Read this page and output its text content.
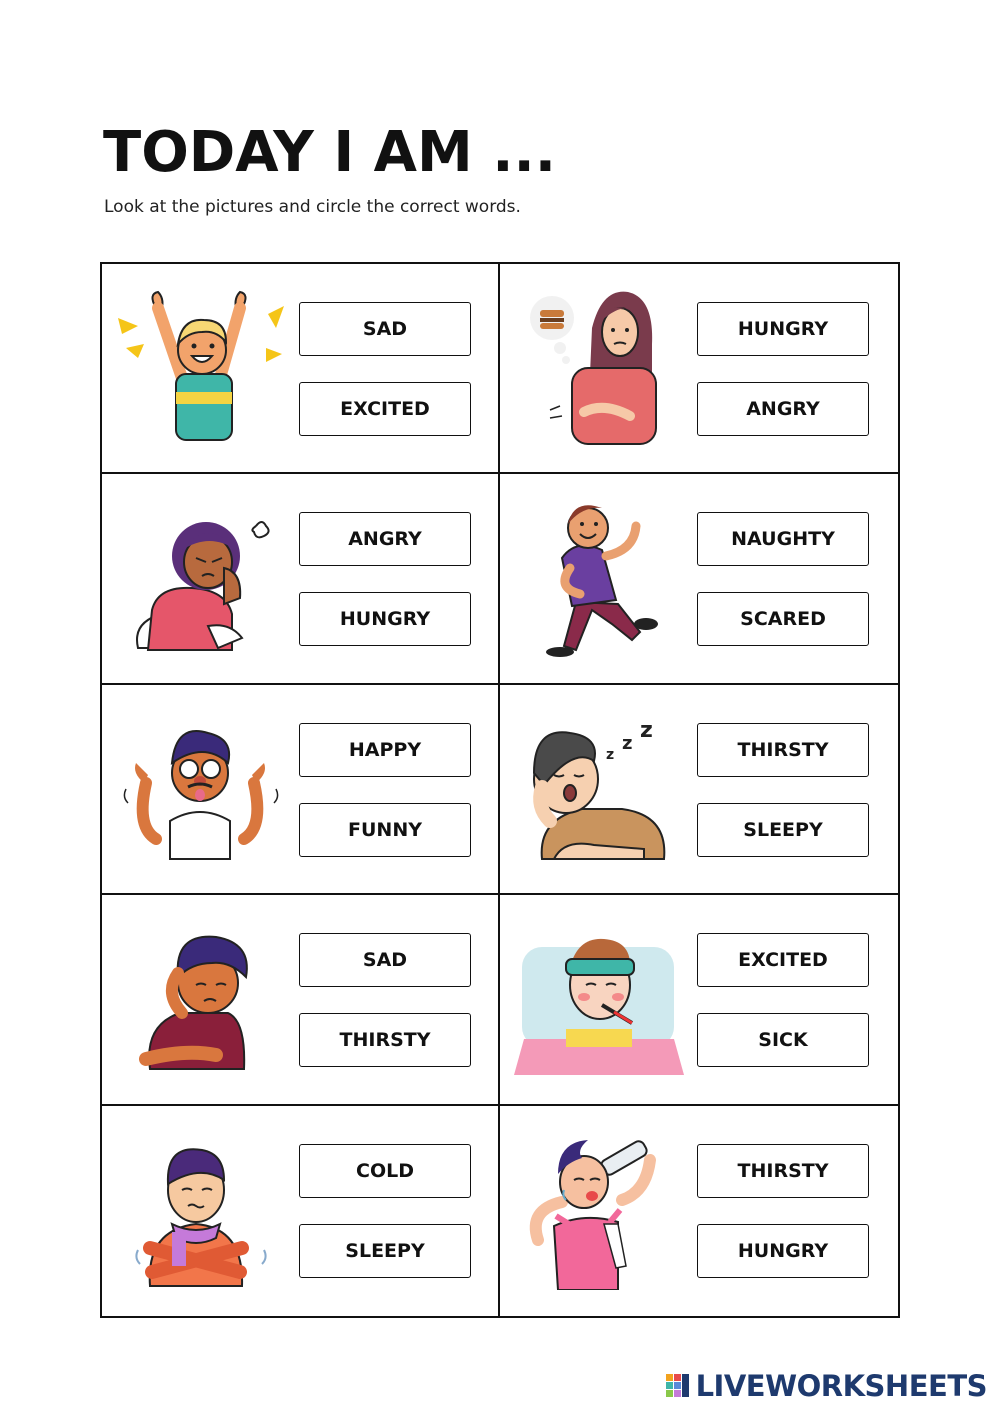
TODAY I AM ...
Look at the pictures and circle the correct words.
SAD
EXCITED
HUNGRY
ANGRY
ANGRY
HUNGRY
NAUGHTY
SCARED
HAPPY
FUNNY
z
z
z
THIRSTY
SLEEPY
SAD
THIRSTY
EXCITED
SICK
COLD
SLEEPY
THIRSTY
HUNGRY
LIVEWORKSHEETS
